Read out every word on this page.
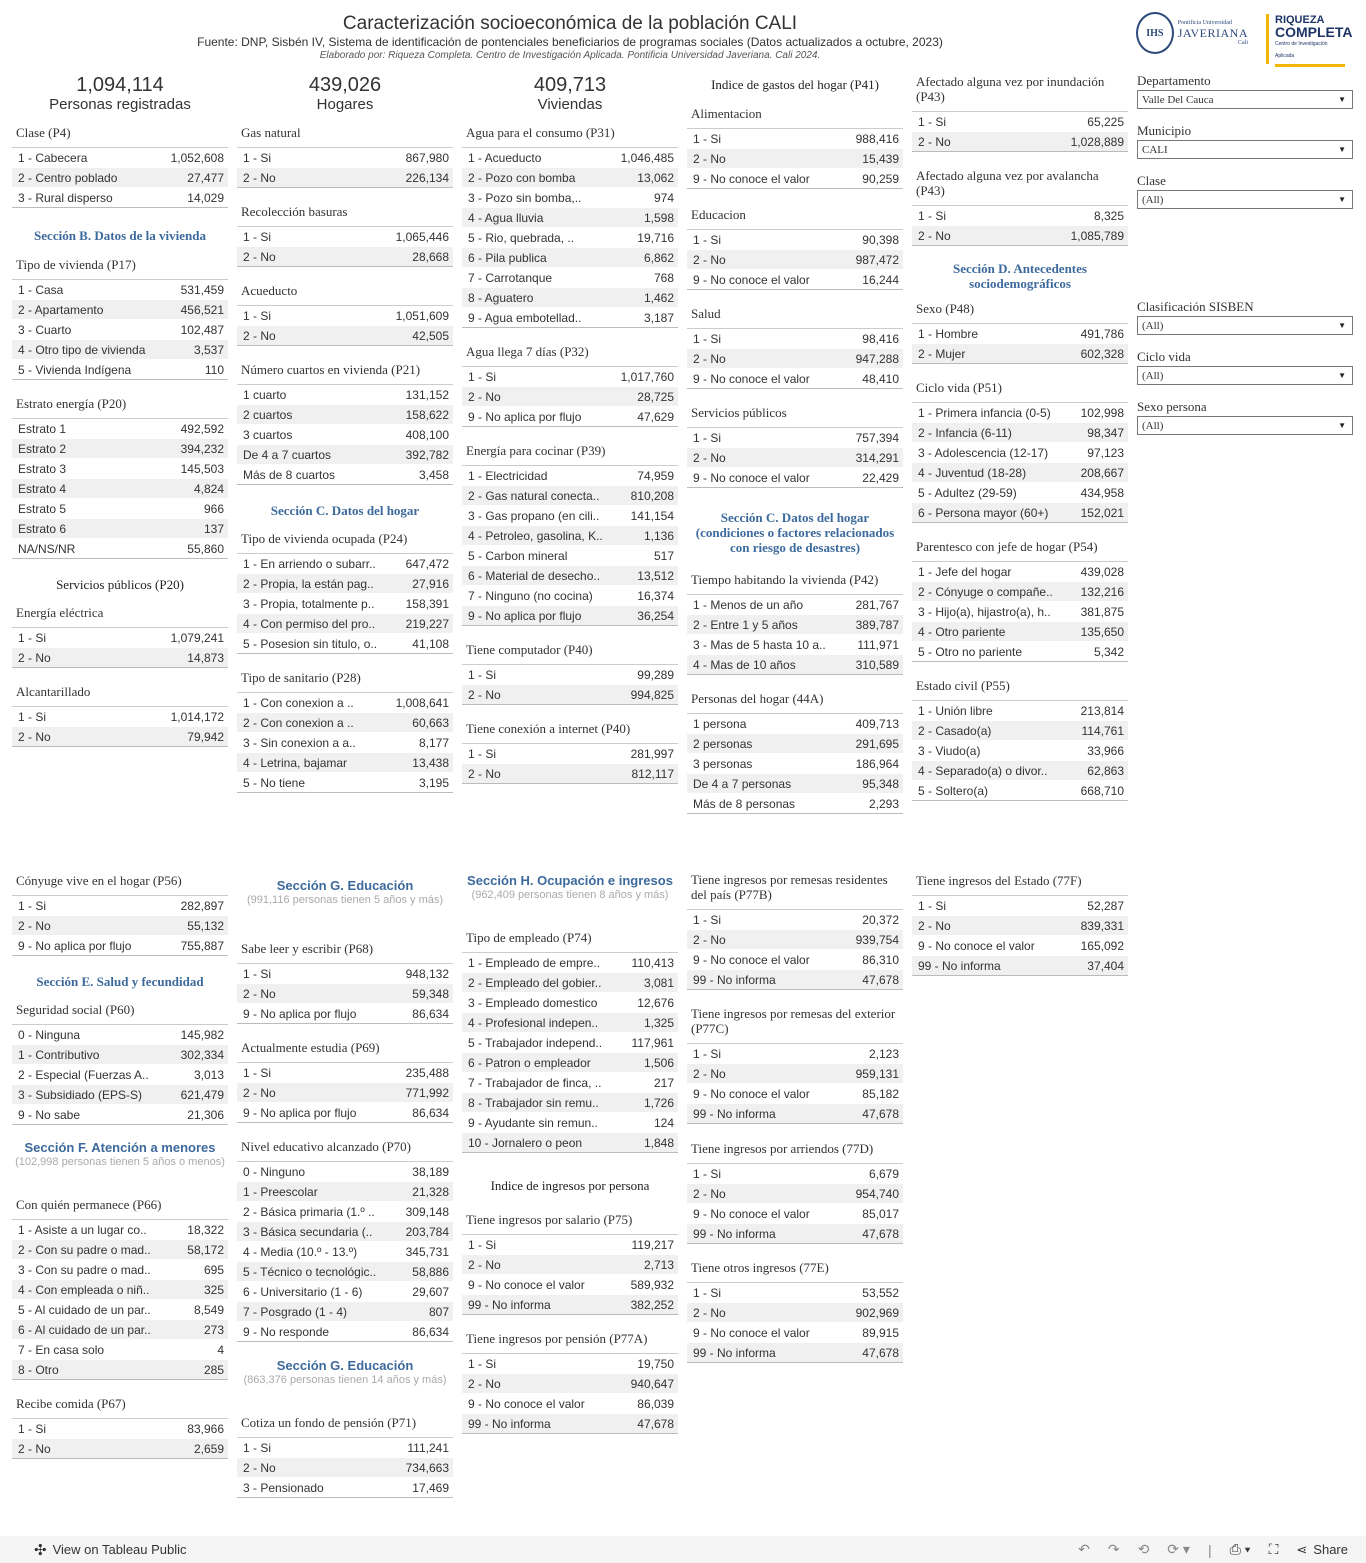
Caracterización socioeconómica de la población CALI
Fuente: DNP, Sisbén IV, Sistema de identificación de pontenciales beneficiarios de programas sociales (Datos actualizados a octubre, 2023)
Elaborado por: Riqueza Completa. Centro de Investigación Aplicada. Pontificia Universidad Javeriana. Cali 2024.
IHS
Pontificia Universidad
JAVERIANA
Cali
RIQUEZA
COMPLETA
Centro de Investigación Aplicada
1,094,114
Personas registradas
439,026
Hogares
409,713
Viviendas
Sección B. Datos de la vivienda
Servicios públicos (P20)
Sección C. Datos del hogar
Indice de gastos del hogar (P41)
Sección C. Datos del hogar (condiciones o factores relacionados con riesgo de desastres)
Sección D. Antecedentes sociodemográficos
Sección E. Salud y fecundidad
Sección F. Atención a menores
(102,998 personas tienen 5 años o menos)
Sección G. Educación
(991,116 personas tienen 5 años y más)
Sección G. Educación
(863,376 personas tienen 14 años y más)
Sección H. Ocupación e ingresos
(962,409 personas tienen 8 años y más)
Indice de ingresos por persona
Clase (P4)
1 - Cabecera	1,052,608
2 - Centro poblado	27,477
3 - Rural disperso	14,029
Tipo de vivienda (P17)
1 - Casa	531,459
2 - Apartamento	456,521
3 - Cuarto	102,487
4 - Otro tipo de vivienda	3,537
5 - Vivienda Indígena	110
Estrato energía (P20)
Estrato 1	492,592
Estrato 2	394,232
Estrato 3	145,503
Estrato 4	4,824
Estrato 5	966
Estrato 6	137
NA/NS/NR	55,860
Energía eléctrica
1 - Si	1,079,241
2 - No	14,873
Alcantarillado
1 - Si	1,014,172
2 - No	79,942
Gas natural
1 - Si	867,980
2 - No	226,134
Recolección basuras
1 - Si	1,065,446
2 - No	28,668
Acueducto
1 - Si	1,051,609
2 - No	42,505
Número cuartos en vivienda (P21)
1 cuarto	131,152
2 cuartos	158,622
3 cuartos	408,100
De 4 a 7 cuartos	392,782
Más de 8 cuartos	3,458
Tipo de vivienda ocupada (P24)
1 - En arriendo o subarr.. 647,472
2 - Propia, la están pag..	27,916
3 - Propia, totalmente p..	158,391
4 - Con permiso del pro..	219,227
5 - Posesion sin titulo, o..	41,108
Tipo de sanitario (P28)
1 - Con conexion a ..	1,008,641
2 - Con conexion a ..	60,663
3 - Sin conexion a a..	8,177
4 - Letrina, bajamar	13,438
5 - No tiene	3,195
Agua para el consumo (P31)
1 - Acueducto	1,046,485
2 - Pozo con bomba	13,062
3 - Pozo sin bomba,..	974
4 - Agua lluvia	1,598
5 - Rio, quebrada, ..	19,716
6 - Pila publica	6,862
7 - Carrotanque	768
8 - Aguatero	1,462
9 - Agua embotellad..	3,187
Agua llega 7 días (P32)
1 - Si	1,017,760
2 - No	28,725
9 - No aplica por flujo	47,629
Energía para cocinar (P39)
1 - Electricidad	74,959
2 - Gas natural conecta..	810,208
3 - Gas propano (en cili..	141,154
4 - Petroleo, gasolina, K..	1,136
5 - Carbon mineral	517
6 - Material de desecho..	13,512
7 - Ninguno (no cocina)	16,374
9 - No aplica por flujo	36,254
Tiene computador (P40)
1 - Si	99,289
2 - No	994,825
Tiene conexión a internet (P40)
1 - Si	281,997
2 - No	812,117
Alimentacion
1 - Si	988,416
2 - No	15,439
9 - No conoce el valor	90,259
Educacion
1 - Si	90,398
2 - No	987,472
9 - No conoce el valor	16,244
Salud
1 - Si	98,416
2 - No	947,288
9 - No conoce el valor	48,410
Servicios públicos
1 - Si	757,394
2 - No	314,291
9 - No conoce el valor	22,429
Tiempo habitando la vivienda (P42)
1 - Menos de un año	281,767
2 - Entre 1 y 5 años	389,787
3 - Mas de 5 hasta 10 a..	111,971
4 - Mas de 10 años	310,589
Personas del hogar (44A)
1 persona	409,713
2 personas	291,695
3 personas	186,964
De 4 a 7 personas	95,348
Más de 8 personas	2,293
Afectado alguna vez por inundación (P43)
1 - Si	65,225
2 - No	1,028,889
Afectado alguna vez por avalancha (P43)
1 - Si	8,325
2 - No	1,085,789
Sexo (P48)
1 - Hombre	491,786
2 - Mujer	602,328
Ciclo vida (P51)
1 - Primera infancia (0-5) 102,998
2 - Infancia (6-11)	98,347
3 - Adolescencia (12-17)	97,123
4 - Juventud (18-28)	208,667
5 - Adultez (29-59)	434,958
6 - Persona mayor (60+)	152,021
Parentesco con jefe de hogar (P54)
1 - Jefe del hogar	439,028
2 - Cónyuge o compañe.. 132,216
3 - Hijo(a), hijastro(a), h.. 381,875
4 - Otro pariente	135,650
5 - Otro no pariente	5,342
Estado civil (P55)
1 - Unión libre	213,814
2 - Casado(a)	114,761
3 - Viudo(a)	33,966
4 - Separado(a) o divor..	62,863
5 - Soltero(a)	668,710
Cónyuge vive en el hogar (P56)
1 - Si	282,897
2 - No	55,132
9 - No aplica por flujo	755,887
Seguridad social (P60)
0 - Ninguna	145,982
1 - Contributivo	302,334
2 - Especial (Fuerzas A..	3,013
3 - Subsidiado (EPS-S)	621,479
9 - No sabe	21,306
Con quién permanece (P66)
1 - Asiste a un lugar co..	18,322
2 - Con su padre o mad..	58,172
3 - Con su padre o mad..	695
4 - Con empleada o niñ..	325
5 - Al cuidado de un par..	8,549
6 - Al cuidado de un par..	273
7 - En casa solo	4
8 - Otro	285
Recibe comida (P67)
1 - Si	83,966
2 - No	2,659
Sabe leer y escribir (P68)
1 - Si	948,132
2 - No	59,348
9 - No aplica por flujo	86,634
Actualmente estudia (P69)
1 - Si	235,488
2 - No	771,992
9 - No aplica por flujo	86,634
Nivel educativo alcanzado (P70)
0 - Ninguno	38,189
1 - Preescolar	21,328
2 - Básica primaria (1.º ..	309,148
3 - Básica secundaria (..	203,784
4 - Media (10.º - 13.º)	345,731
5 - Técnico o tecnológic..	58,886
6 - Universitario (1 - 6)	29,607
7 - Posgrado (1 - 4)	807
9 - No responde	86,634
Cotiza un fondo de pensión (P71)
1 - Si	111,241
2 - No	734,663
3 - Pensionado	17,469
Tipo de empleado (P74)
1 - Empleado de empre..	110,413
2 - Empleado del gobier..	3,081
3 - Empleado domestico	12,676
4 - Profesional indepen..	1,325
5 - Trabajador independ.. 117,961
6 - Patron o empleador	1,506
7 - Trabajador de finca, ..	217
8 - Trabajador sin remu..	1,726
9 - Ayudante sin remun..	124
10 - Jornalero o peon	1,848
Tiene ingresos por salario (P75)
1 - Si	119,217
2 - No	2,713
9 - No conoce el valor	589,932
99 - No informa	382,252
Tiene ingresos por pensión (P77A)
1 - Si	19,750
2 - No	940,647
9 - No conoce el valor	86,039
99 - No informa	47,678
Tiene ingresos por remesas residentes del país (P77B)
1 - Si	20,372
2 - No	939,754
9 - No conoce el valor	86,310
99 - No informa	47,678
Tiene ingresos por remesas del exterior (P77C)
1 - Si	2,123
2 - No	959,131
9 - No conoce el valor	85,182
99 - No informa	47,678
Tiene ingresos por arriendos (77D)
1 - Si	6,679
2 - No	954,740
9 - No conoce el valor	85,017
99 - No informa	47,678
Tiene otros ingresos (77E)
1 - Si	53,552
2 - No	902,969
9 - No conoce el valor	89,915
99 - No informa	47,678
Tiene ingresos del Estado (77F)
1 - Si	52,287
2 - No	839,331
9 - No conoce el valor	165,092
99 - No informa	37,404
Departamento
Valle Del Cauca	▼
Municipio
CALI	▼
Clase
(All)	▼
Clasificación SISBEN
(All)	▼
Ciclo vida
(All)	▼
Sexo persona
(All)	▼
✣ View on Tableau Public	↶ ↷ ⟲ ⟳ ▾ | ⎙ ▾ ⛶ ⋖ Share
